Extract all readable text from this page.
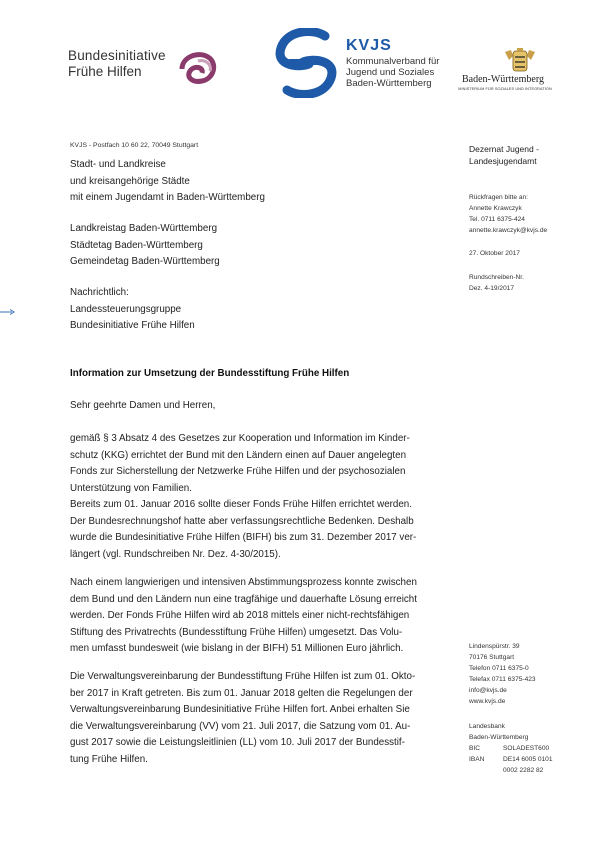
Bundesinitiative
Frühe Hilfen
KVJS
Kommunalverband für
Jugend und Soziales
Baden-Württemberg	Baden-Württemberg
MINISTERIUM FÜR SOZIALES UND INTEGRATION
KVJS - Postfach 10 60 22, 70049 Stuttgart
Stadt- und Landkreise
und kreisangehörige Städte
mit einem Jugendamt in Baden-Württemberg
Landkreistag Baden-Württemberg
Städtetag Baden-Württemberg
Gemeindetag Baden-Württemberg
Nachrichtlich:
Landessteuerungsgruppe
Bundesinitiative Frühe Hilfen
Dezernat Jugend -
Landesjugendamt
Rückfragen bitte an:
Annette Krawczyk
Tel. 0711 6375-424
annette.krawczyk@kvjs.de
27. Oktober 2017
Rundschreiben-Nr.
Dez. 4-19/2017
Lindenspürstr. 39
70176 Stuttgart
Telefon 0711 6375-0
Telefax 0711 6375-423
info@kvjs.de
www.kvjs.de
Landesbank
Baden-Württemberg
BIC	SOLADEST600
IBAN	DE14 6005 0101
	0002 2282 82
Information zur Umsetzung der Bundesstiftung Frühe Hilfen
Sehr geehrte Damen und Herren,
gemäß § 3 Absatz 4 des Gesetzes zur Kooperation und Information im Kinder-
schutz (KKG) errichtet der Bund mit den Ländern einen auf Dauer angelegten
Fonds zur Sicherstellung der Netzwerke Frühe Hilfen und der psychosozialen
Unterstützung von Familien.
Bereits zum 01. Januar 2016 sollte dieser Fonds Frühe Hilfen errichtet werden.
Der Bundesrechnungshof hatte aber verfassungsrechtliche Bedenken. Deshalb
wurde die Bundesinitiative Frühe Hilfen (BIFH) bis zum 31. Dezember 2017 ver-
längert (vgl. Rundschreiben Nr. Dez. 4-30/2015).
Nach einem langwierigen und intensiven Abstimmungsprozess konnte zwischen
dem Bund und den Ländern nun eine tragfähige und dauerhafte Lösung erreicht
werden. Der Fonds Frühe Hilfen wird ab 2018 mittels einer nicht-rechtsfähigen
Stiftung des Privatrechts (Bundesstiftung Frühe Hilfen) umgesetzt. Das Volu-
men umfasst bundesweit (wie bislang in der BIFH) 51 Millionen Euro jährlich.
Die Verwaltungsvereinbarung der Bundesstiftung Frühe Hilfen ist zum 01. Okto-
ber 2017 in Kraft getreten. Bis zum 01. Januar 2018 gelten die Regelungen der
Verwaltungsvereinbarung Bundesinitiative Frühe Hilfen fort. Anbei erhalten Sie
die Verwaltungsvereinbarung (VV) vom 21. Juli 2017, die Satzung vom 01. Au-
gust 2017 sowie die Leistungsleitlinien (LL) vom 10. Juli 2017 der Bundesstif-
tung Frühe Hilfen.
